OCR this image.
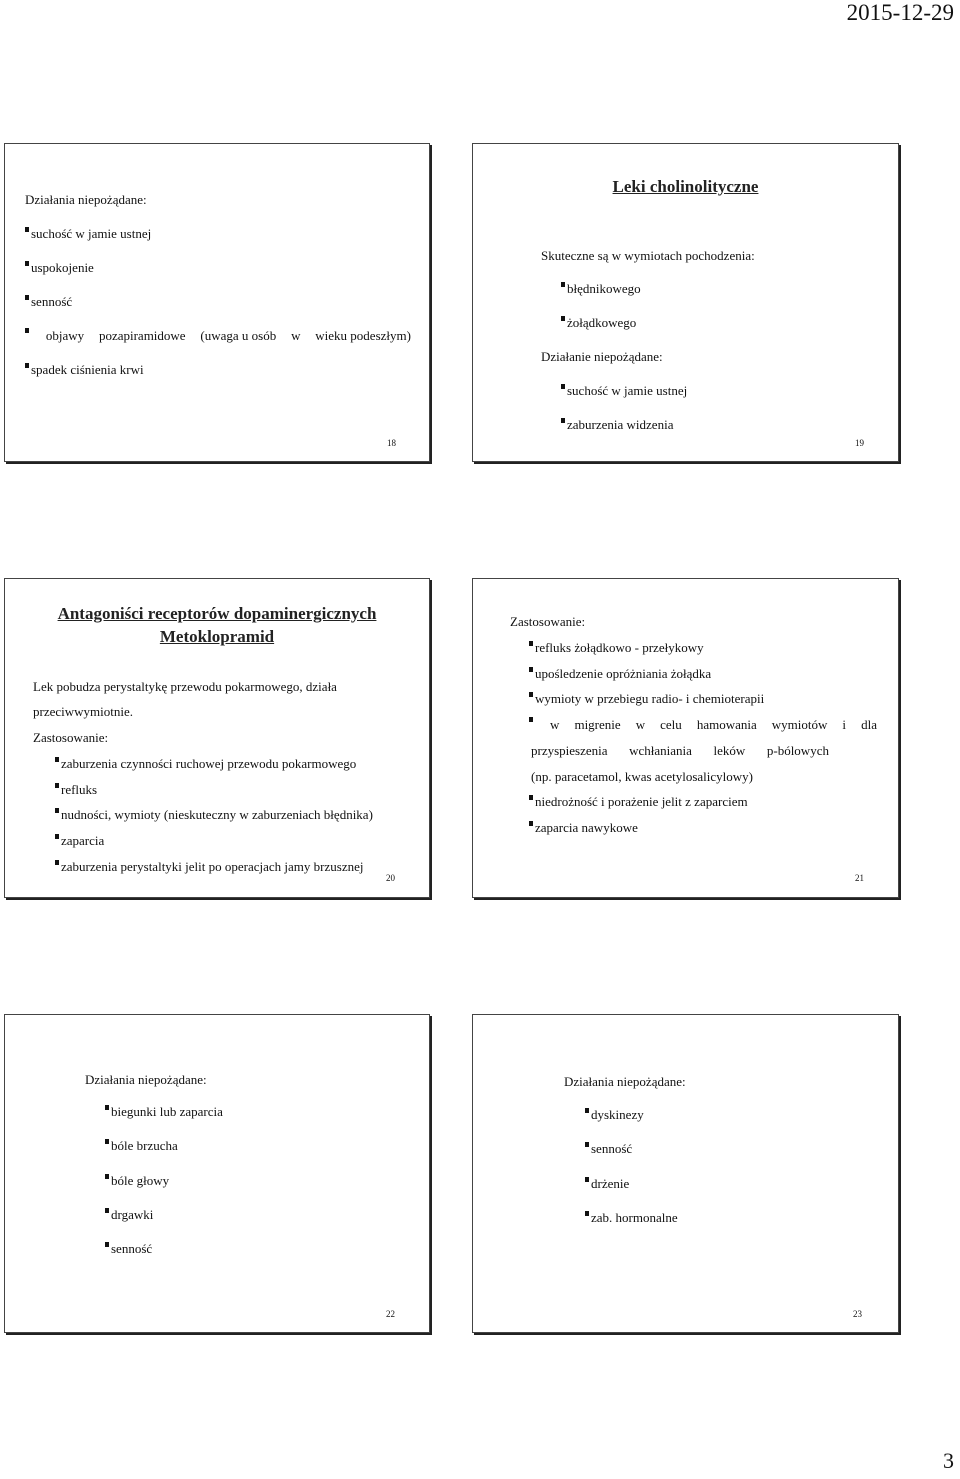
2015-12-29
Działania niepożądane:
suchość w jamie ustnej
uspokojenie
senność
objawy pozapiramidowe (uwaga u osób w wieku podeszłym)
spadek ciśnienia krwi
18
Leki cholinolityczne
Skuteczne są w wymiotach pochodzenia:
błędnikowego
żołądkowego
Działanie niepożądane:
suchość w jamie ustnej
zaburzenia widzenia
19
Antagoniści receptorów dopaminergicznych
Metoklopramid
Lek pobudza perystaltykę przewodu pokarmowego, działa
przeciwwymiotnie.
Zastosowanie:
zaburzenia czynności ruchowej przewodu pokarmowego
refluks
nudności, wymioty (nieskuteczny w zaburzeniach błędnika)
zaparcia
zaburzenia perystaltyki jelit po operacjach jamy brzusznej
20
Zastosowanie:
refluks żołądkowo - przełykowy
upośledzenie opróżniania żołądka
wymioty w przebiegu radio- i chemioterapii
w migrenie w celu hamowania wymiotów i dla
przyspieszenia wchłaniania leków p-bólowych
(np. paracetamol, kwas acetylosalicylowy)
niedrożność i porażenie jelit z zaparciem
zaparcia nawykowe
21
Działania niepożądane:
biegunki lub zaparcia
bóle brzucha
bóle głowy
drgawki
senność
22
Działania niepożądane:
dyskinezy
senność
drżenie
zab. hormonalne
23
3
